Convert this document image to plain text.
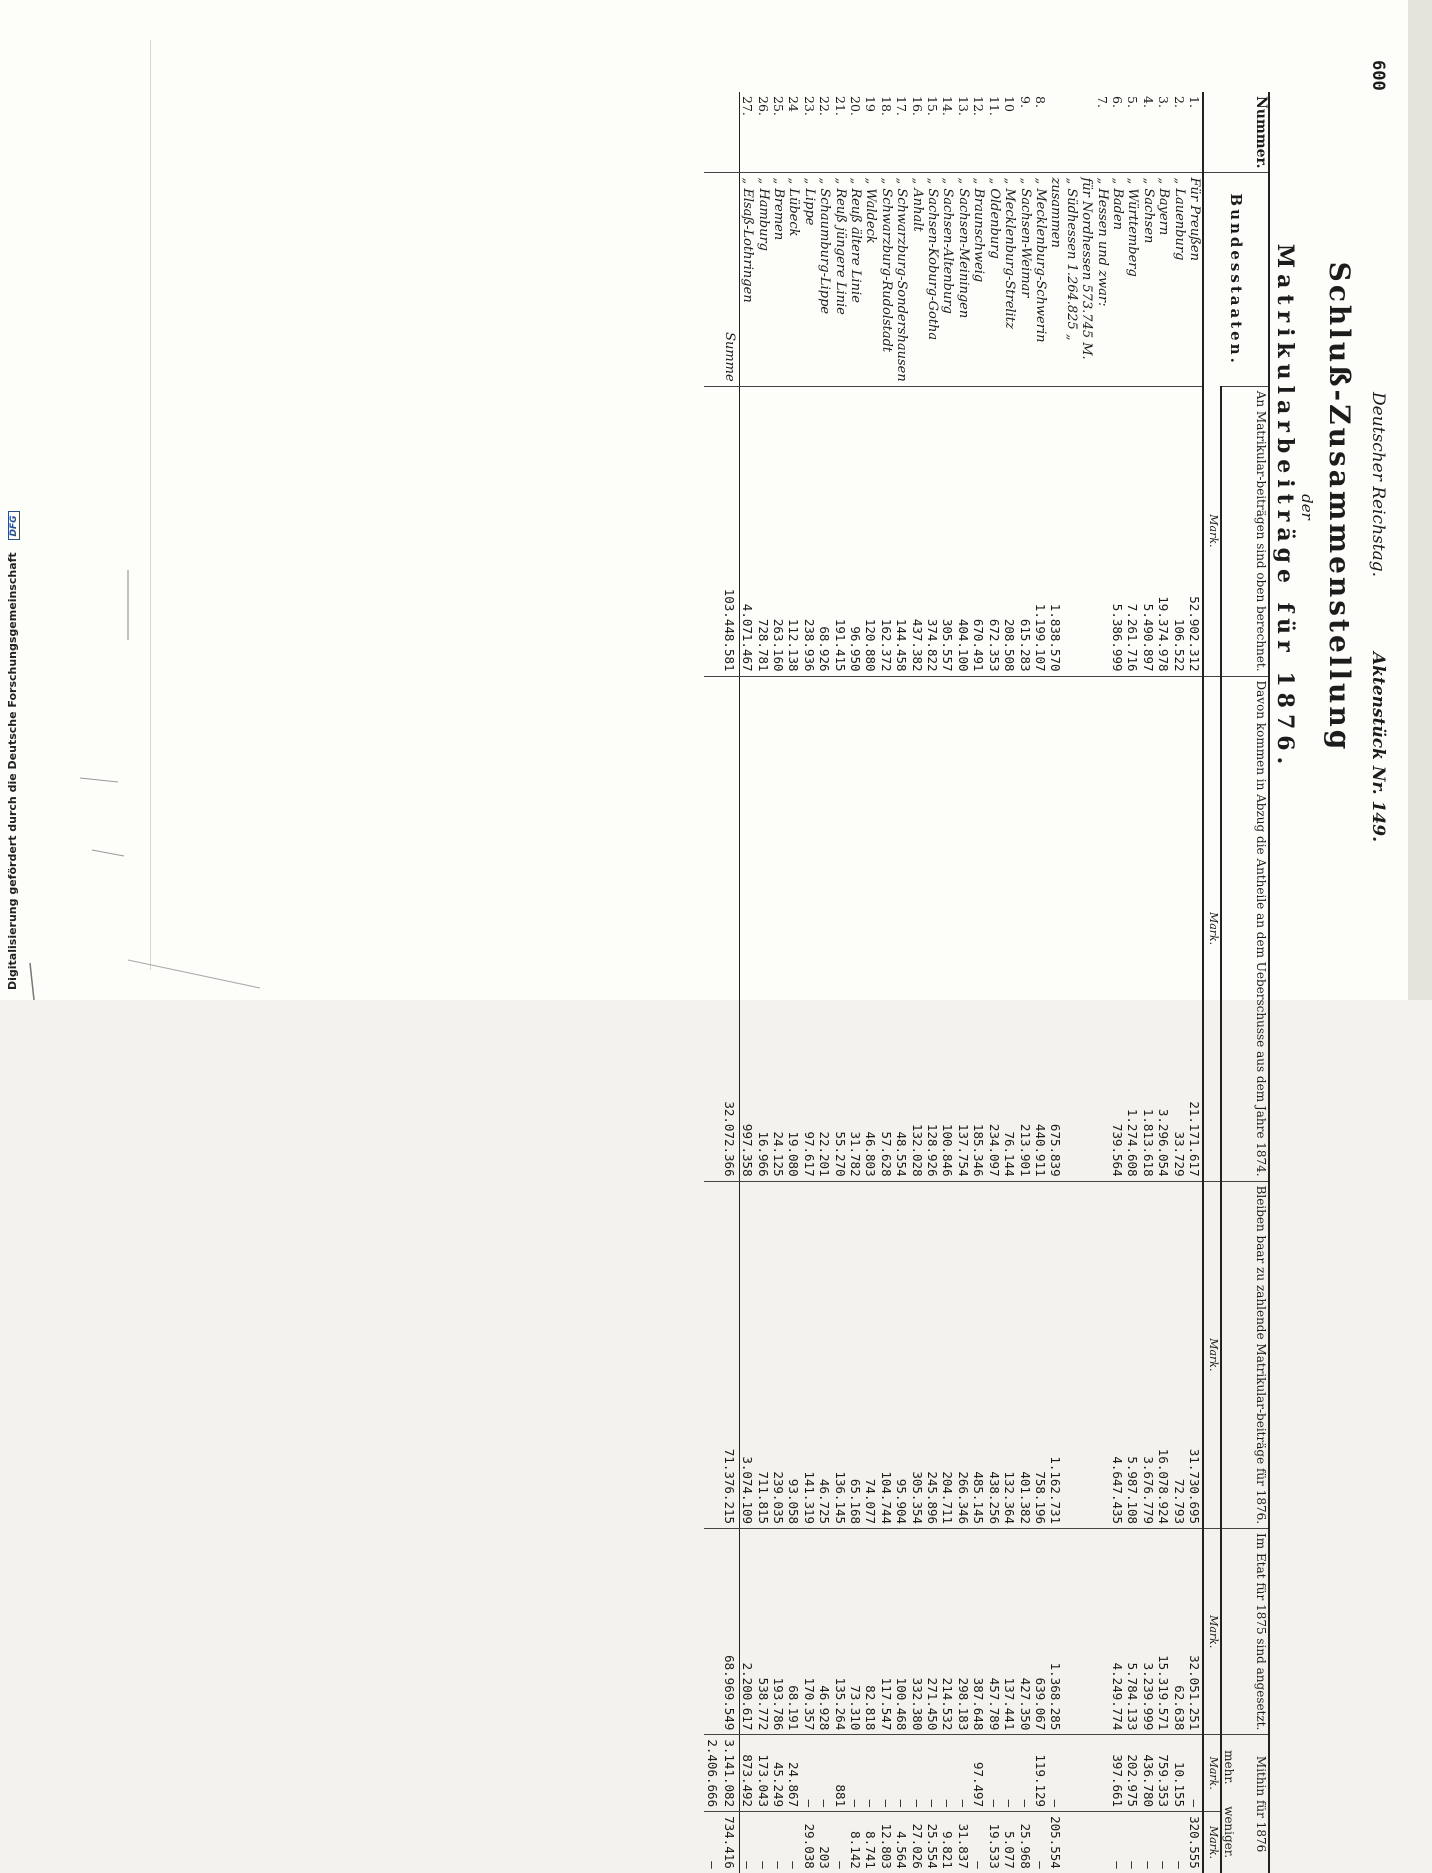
Digitalisierung gefördert durch die Deutsche Forschungsgemeinschaft DFG
600
Deutscher Reichstag.
Aktenstück Nr. 149.
Schluß-Zusammenstellung
der
Matrikularbeiträge für 1876.
Nummer.	Bundesstaaten.	An Matrikular-beiträgen sind oben berechnet.	Davon kommen in Abzug die Antheile an dem Ueberschusse aus dem Jahre 1874.	Bleiben baar zu zahlende Matrikular-beiträge für 1876.	Im Etat für 1875 sind angesetzt.	Mithin für 1876
mehr.
weniger.	

		Mark.	Mark.	Mark.	Mark.	Mark.	Mark.
1.	Für Preußen	52.902.312	21.171.617	31.730.695	32.051.251	—	320.555
2.	„ Lauenburg	106.522	33.729	72.793	62.638	10.155	—
3.	„ Bayern	19.374.978	3.296.054	16.078.924	15.319.571	759.353	—
4.	„ Sachsen	5.490.897	1.813.618	3.676.779	3.239.999	436.780	—
5.	„ Württemberg	7.261.716	1.274.608	5.987.108	5.784.133	202.975	—
6.	„ Baden	5.386.999	739.564	4.647.435	4.249.774	397.661	—
7.	„ Hessen und zwar:						
	für Nordhessen 573.745 M.						
	„ Südhessen 1.264.825 „						
	zusammen	1.838.570	675.839	1.162.731	1.368.285	—	205.554
8.	„ Mecklenburg-Schwerin	1.199.107	440.911	758.196	639.067	119.129	—
9.	„ Sachsen-Weimar	615.283	213.901	401.382	427.350	—	25.968
10	„ Mecklenburg-Strelitz	208.508	76.144	132.364	137.441	—	5.077
11.	„ Oldenburg	672.353	234.097	438.256	457.789	—	19.533
12.	„ Braunschweig	670.491	185.346	485.145	387.648	97.497	—
13.	„ Sachsen-Meiningen	404.100	137.754	266.346	298.183	—	31.837
14.	„ Sachsen-Altenburg	305.557	100.846	204.711	214.532	—	9.821
15.	„ Sachsen-Koburg-Gotha	374.822	128.926	245.896	271.450	—	25.554
16.	„ Anhalt	437.382	132.028	305.354	332.380	—	27.026
17.	„ Schwarzburg-Sondershausen	144.458	48.554	95.904	100.468	—	4.564
18.	„ Schwarzburg-Rudolstadt	162.372	57.628	104.744	117.547	—	12.803
19	„ Waldeck	120.880	46.803	74.077	82.818	—	8.741
20.	„ Reuß ältere Linie	96.950	31.782	65.168	73.310	—	8.142
21.	„ Reuß jüngere Linie	191.415	55.270	136.145	135.264	881	—
22.	„ Schaumburg-Lippe	68.926	22.201	46.725	46.928	—	203
23.	„ Lippe	238.936	97.617	141.319	170.357	—	29.038
24	„ Lübeck	112.138	19.080	93.058	68.191	24.867	—
25.	„ Bremen	263.160	24.125	239.035	193.786	45.249	—
26.	„ Hamburg	728.781	16.966	711.815	538.772	173.043	—
27.	„ Elsaß-Lothringen	4.071.467	997.358	3.074.109	2.200.617	873.492	—
	Summe	103.448.581	32.072.366	71.376.215	68.969.549	3.141.082	734.416
						2.406.666	—
